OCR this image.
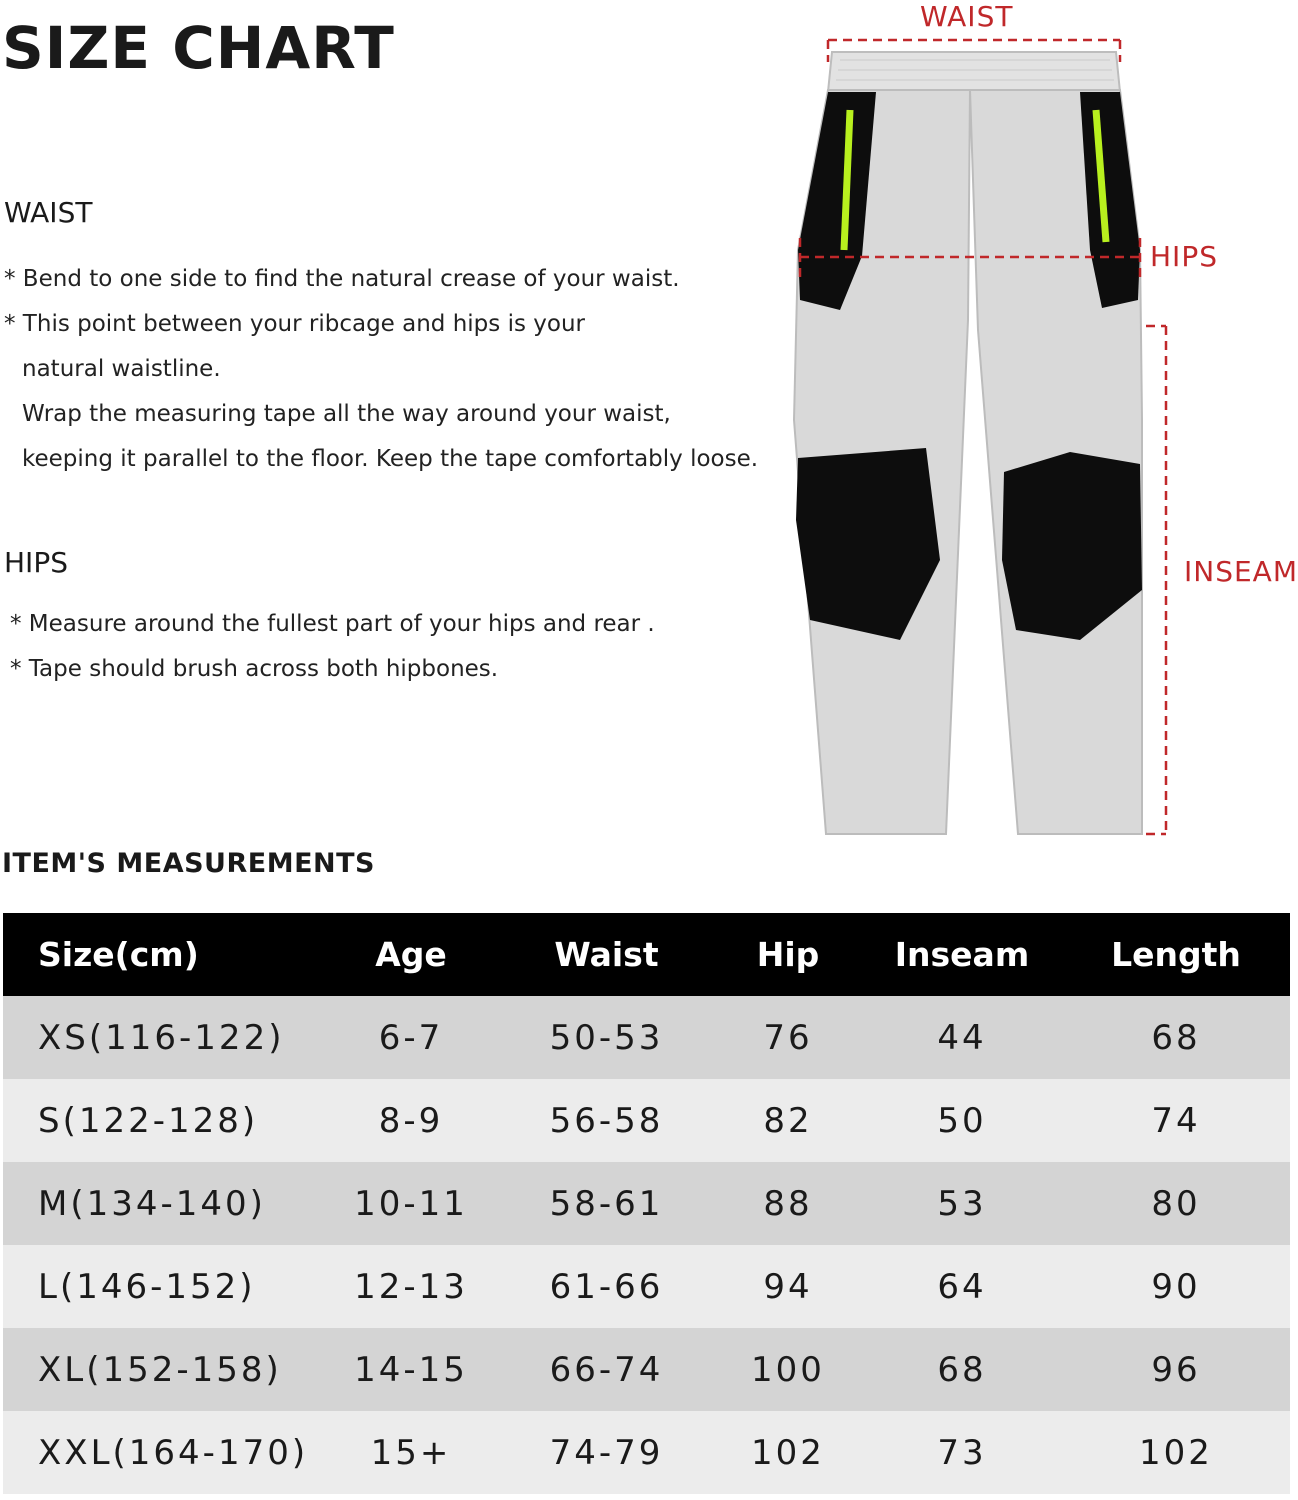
SIZE CHART
WAIST
* Bend to one side to find the natural crease of your waist.
* This point between your ribcage and hips is your
natural waistline.
Wrap the measuring tape all the way around your waist,
keeping it parallel to the floor. Keep the tape comfortably loose.
HIPS
* Measure around the fullest part of your hips and rear .
* Tape should brush across both hipbones.
WAIST
HIPS
INSEAM
ITEM'S MEASUREMENTS
Size(cm)	Age	Waist	Hip	Inseam	Length
XS(116-122)	6-7	50-53	76	44	68
S(122-128)	8-9	56-58	82	50	74
M(134-140)	10-11	58-61	88	53	80
L(146-152)	12-13	61-66	94	64	90
XL(152-158)	14-15	66-74	100	68	96
XXL(164-170)	15+	74-79	102	73	102
